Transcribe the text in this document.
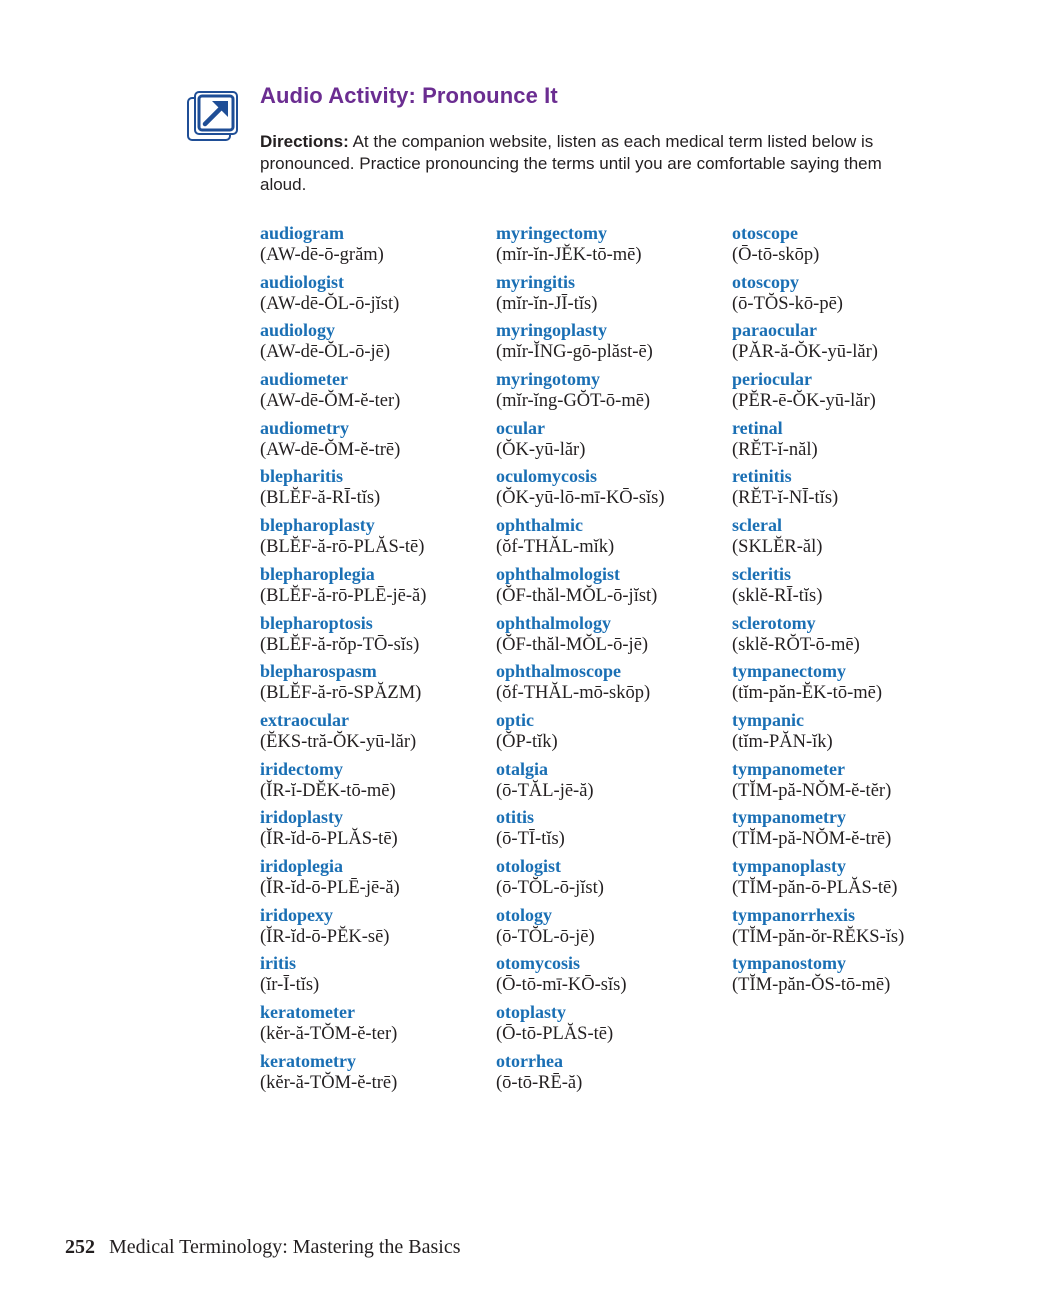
Audio Activity: Pronounce It
Directions: At the companion website, listen as each medical term listed below is pronounced. Practice pronouncing the terms until you are comfortable saying them aloud.
audiogram
(AW-dē-ō-grăm)
audiologist
(AW-dē-ŎL-ō-jĭst)
audiology
(AW-dē-ŎL-ō-jē)
audiometer
(AW-dē-ŎM-ĕ-ter)
audiometry
(AW-dē-ŎM-ĕ-trē)
blepharitis
(BLĔF-ă-RĪ-tĭs)
blepharoplasty
(BLĔF-ă-rō-PLĂS-tē)
blepharoplegia
(BLĔF-ă-rō-PLĒ-jē-ă)
blepharoptosis
(BLĔF-ă-rŏp-TŌ-sĭs)
blepharospasm
(BLĔF-ă-rō-SPĂZM)
extraocular
(ĔKS-tră-ŎK-yū-lăr)
iridectomy
(ĬR-ĭ-DĔK-tō-mē)
iridoplasty
(ĬR-ĭd-ō-PLĂS-tē)
iridoplegia
(ĬR-ĭd-ō-PLĒ-jē-ă)
iridopexy
(ĬR-ĭd-ō-PĔK-sē)
iritis
(ĭr-Ī-tĭs)
keratometer
(kĕr-ă-TŎM-ĕ-ter)
keratometry
(kĕr-ă-TŎM-ĕ-trē)
myringectomy
(mĭr-ĭn-JĔK-tō-mē)
myringitis
(mĭr-ĭn-JĪ-tĭs)
myringoplasty
(mĭr-ĬNG-gō-plăst-ē)
myringotomy
(mĭr-ĭng-GŎT-ō-mē)
ocular
(ŎK-yū-lăr)
oculomycosis
(ŎK-yū-lō-mī-KŌ-sĭs)
ophthalmic
(ŏf-THĂL-mĭk)
ophthalmologist
(ŎF-thăl-MŎL-ō-jĭst)
ophthalmology
(ŎF-thăl-MŎL-ō-jē)
ophthalmoscope
(ŏf-THĂL-mō-skōp)
optic
(ŎP-tĭk)
otalgia
(ō-TĂL-jē-ă)
otitis
(ō-TĪ-tĭs)
otologist
(ō-TŎL-ō-jĭst)
otology
(ō-TŎL-ō-jē)
otomycosis
(Ō-tō-mī-KŌ-sĭs)
otoplasty
(Ō-tō-PLĂS-tē)
otorrhea
(ō-tō-RĒ-ă)
otoscope
(Ō-tō-skōp)
otoscopy
(ō-TŎS-kō-pē)
paraocular
(PĂR-ă-ŎK-yū-lăr)
periocular
(PĔR-ē-ŎK-yū-lăr)
retinal
(RĔT-ĭ-năl)
retinitis
(RĔT-ĭ-NĪ-tĭs)
scleral
(SKLĔR-ăl)
scleritis
(sklĕ-RĪ-tĭs)
sclerotomy
(sklĕ-RŎT-ō-mē)
tympanectomy
(tĭm-păn-ĔK-tō-mē)
tympanic
(tĭm-PĂN-ĭk)
tympanometer
(TĬM-pă-NŎM-ĕ-tĕr)
tympanometry
(TĬM-pă-NŎM-ĕ-trē)
tympanoplasty
(TĬM-păn-ō-PLĂS-tē)
tympanorrhexis
(TĬM-păn-ŏr-RĔKS-ĭs)
tympanostomy
(TĬM-păn-ŎS-tō-mē)
252 Medical Terminology: Mastering the Basics
